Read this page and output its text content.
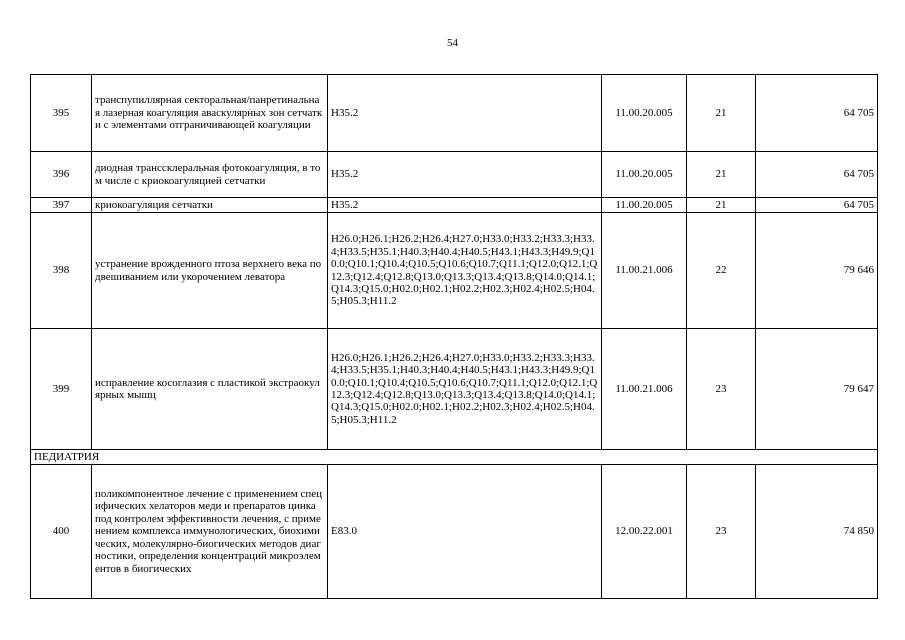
54
395	транспупиллярная секторальная/панретинальная лазерная коагуляция аваскулярных зон сетчатки с элементами отграничивающей коагуляции	H35.2	11.00.20.005	21	64 705
396	диодная транссклеральная фотокоагуляция, в том числе с криокоагуляцией сетчатки	H35.2	11.00.20.005	21	64 705
397	криокоагуляция сетчатки	H35.2	11.00.20.005	21	64 705
398	устранение врожденного птоза верхнего века подвешиванием или укорочением леватора	H26.0;H26.1;H26.2;H26.4;H27.0;H33.0;H33.2;H33.3;H33.4;H33.5;H35.1;H40.3;H40.4;H40.5;H43.1;H43.3;H49.9;Q10.0;Q10.1;Q10.4;Q10.5;Q10.6;Q10.7;Q11.1;Q12.0;Q12.1;Q12.3;Q12.4;Q12.8;Q13.0;Q13.3;Q13.4;Q13.8;Q14.0;Q14.1;Q14.3;Q15.0;H02.0;H02.1;H02.2;H02.3;H02.4;H02.5;H04.5;H05.3;H11.2	11.00.21.006	22	79 646
399	исправление косоглазия с пластикой экстраокулярных мышц	H26.0;H26.1;H26.2;H26.4;H27.0;H33.0;H33.2;H33.3;H33.4;H33.5;H35.1;H40.3;H40.4;H40.5;H43.1;H43.3;H49.9;Q10.0;Q10.1;Q10.4;Q10.5;Q10.6;Q10.7;Q11.1;Q12.0;Q12.1;Q12.3;Q12.4;Q12.8;Q13.0;Q13.3;Q13.4;Q13.8;Q14.0;Q14.1;Q14.3;Q15.0;H02.0;H02.1;H02.2;H02.3;H02.4;H02.5;H04.5;H05.3;H11.2	11.00.21.006	23	79 647
ПЕДИАТРИЯ					
400	поликомпонентное лечение с применением специфических хелаторов меди и препаратов цинка под контролем эффективности лечения, с применением комплекса иммунологических, биохимических, молекулярно-биогических методов диагностики, определения концентраций микроэлементов в биогических	E83.0	12.00.22.001	23	74 850
